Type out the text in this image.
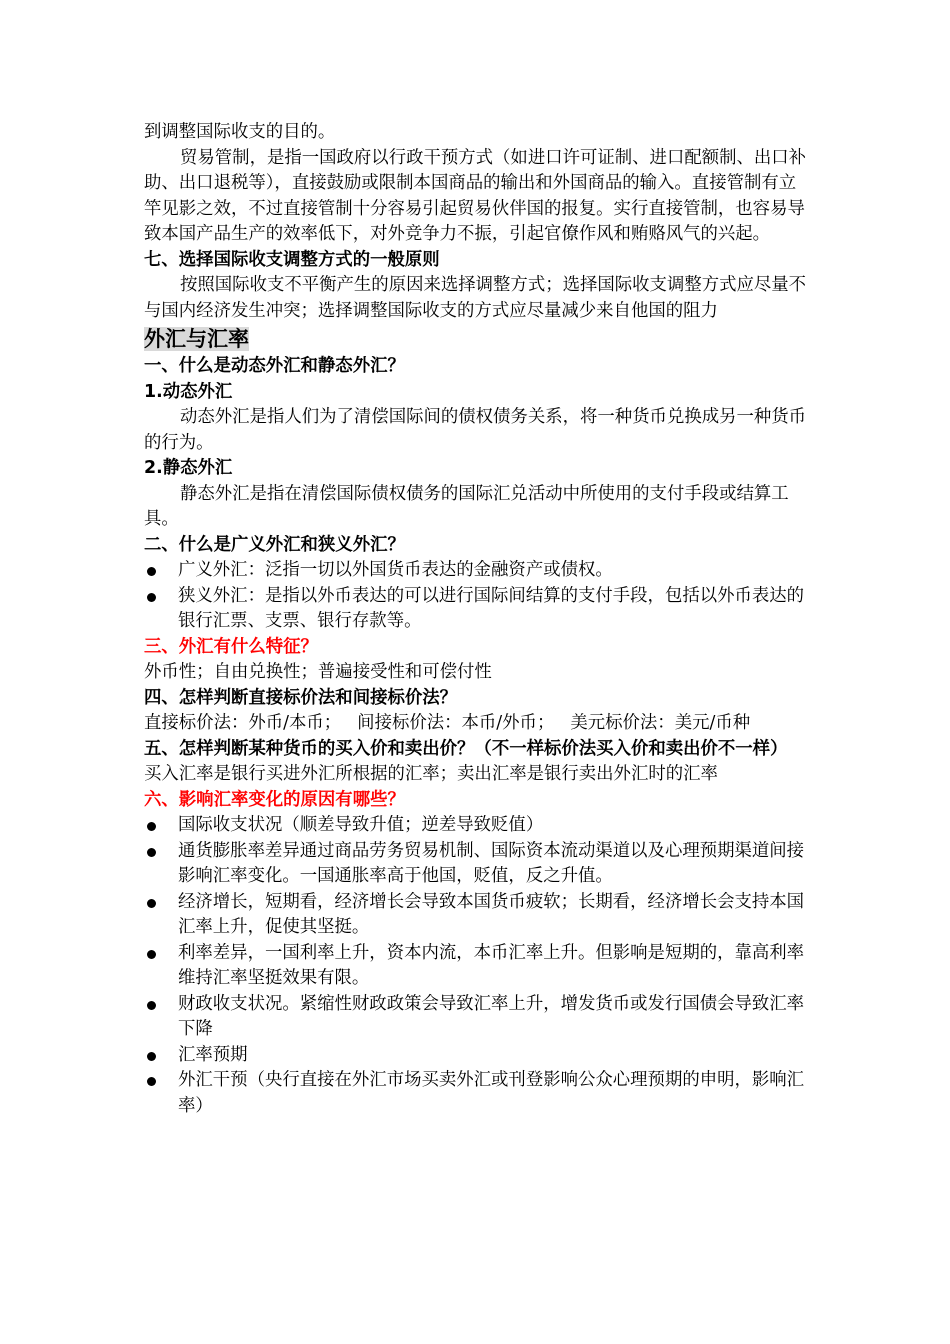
到调整国际收支的目的。

贸易管制，是指一国政府以行政干预方式（如进口许可证制、进口配额制、出口补助、出口退税等），直接鼓励或限制本国商品的输出和外国商品的输入。直接管制有立竿见影之效，不过直接管制十分容易引起贸易伙伴国的报复。实行直接管制，也容易导致本国产品生产的效率低下，对外竞争力不振，引起官僚作风和贿赂风气的兴起。

七、选择国际收支调整方式的一般原则

按照国际收支不平衡产生的原因来选择调整方式；选择国际收支调整方式应尽量不与国内经济发生冲突；选择调整国际收支的方式应尽量减少来自他国的阻力

外汇与汇率

一、什么是动态外汇和静态外汇？

1.动态外汇

动态外汇是指人们为了清偿国际间的债权债务关系，将一种货币兑换成另一种货币的行为。

2.静态外汇

静态外汇是指在清偿国际债权债务的国际汇兑活动中所使用的支付手段或结算工具。

二、什么是广义外汇和狭义外汇？

广义外汇：泛指一切以外国货币表达的金融资产或债权。
狭义外汇：是指以外币表达的可以进行国际间结算的支付手段，包括以外币表达的银行汇票、支票、银行存款等。

三、外汇有什么特征？

外币性；自由兑换性；普遍接受性和可偿付性

四、怎样判断直接标价法和间接标价法？

直接标价法：外币/本币； 间接标价法：本币/外币； 美元标价法：美元/币种

五、怎样判断某种货币的买入价和卖出价？（不一样标价法买入价和卖出价不一样）

买入汇率是银行买进外汇所根据的汇率；卖出汇率是银行卖出外汇时的汇率

六、影响汇率变化的原因有哪些？

国际收支状况（顺差导致升值；逆差导致贬值）
通货膨胀率差异通过商品劳务贸易机制、国际资本流动渠道以及心理预期渠道间接影响汇率变化。一国通胀率高于他国，贬值，反之升值。
经济增长，短期看，经济增长会导致本国货币疲软；长期看，经济增长会支持本国汇率上升，促使其坚挺。
利率差异，一国利率上升，资本内流，本币汇率上升。但影响是短期的，靠高利率维持汇率坚挺效果有限。
财政收支状况。紧缩性财政政策会导致汇率上升，增发货币或发行国债会导致汇率下降
汇率预期
外汇干预（央行直接在外汇市场买卖外汇或刊登影响公众心理预期的申明，影响汇率）
